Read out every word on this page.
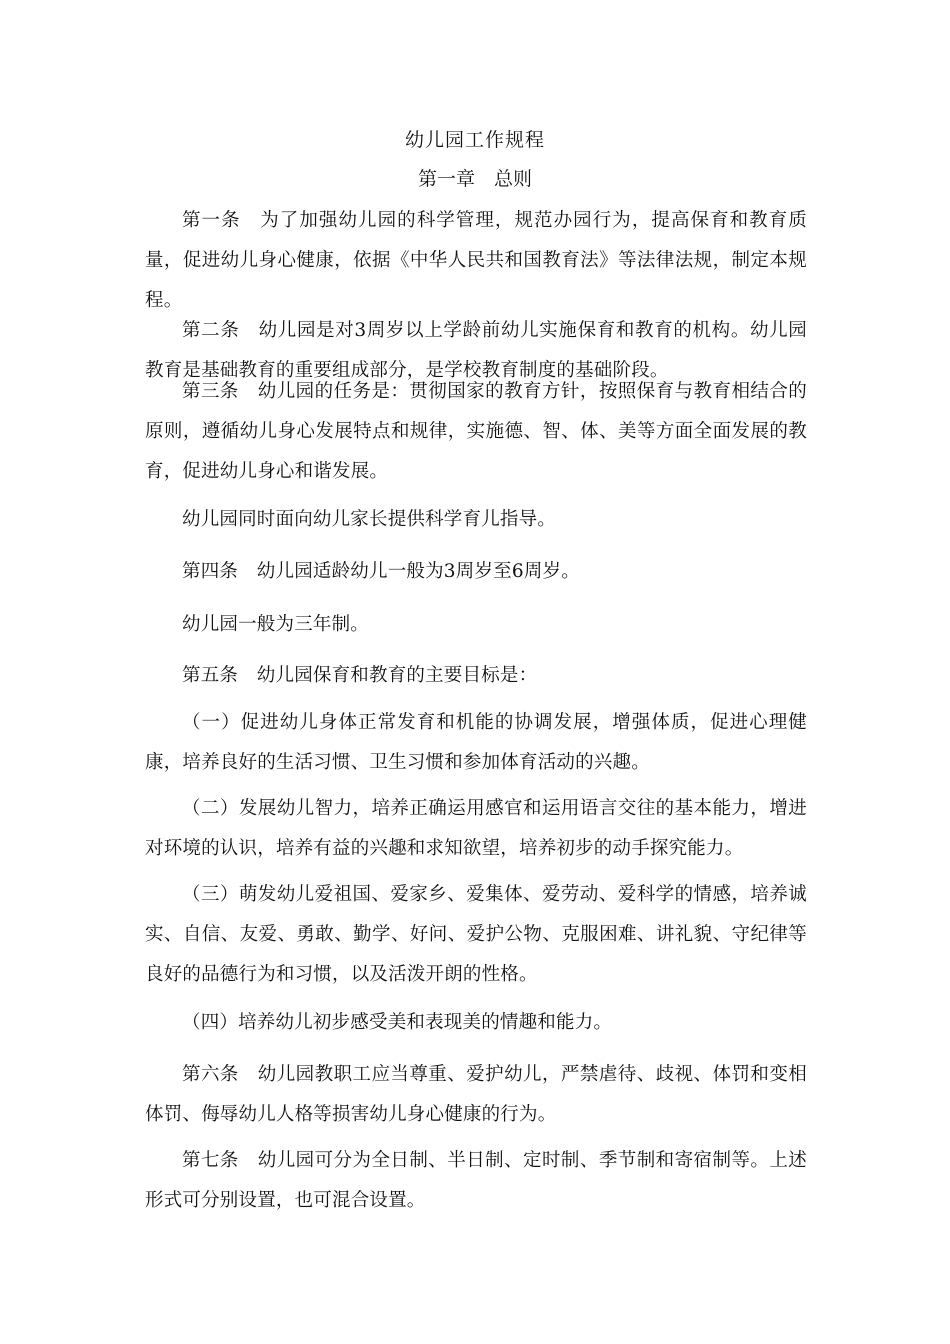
幼儿园工作规程
第一章　总则

第一条　为了加强幼儿园的科学管理，规范办园行为，提高保育和教育质量，促进幼儿身心健康，依据《中华人民共和国教育法》等法律法规，制定本规程。

第二条　幼儿园是对3周岁以上学龄前幼儿实施保育和教育的机构。幼儿园教育是基础教育的重要组成部分，是学校教育制度的基础阶段。

第三条　幼儿园的任务是：贯彻国家的教育方针，按照保育与教育相结合的原则，遵循幼儿身心发展特点和规律，实施德、智、体、美等方面全面发展的教育，促进幼儿身心和谐发展。

幼儿园同时面向幼儿家长提供科学育儿指导。

第四条　幼儿园适龄幼儿一般为3周岁至6周岁。

幼儿园一般为三年制。

第五条　幼儿园保育和教育的主要目标是：

（一）促进幼儿身体正常发育和机能的协调发展，增强体质，促进心理健康，培养良好的生活习惯、卫生习惯和参加体育活动的兴趣。

（二）发展幼儿智力，培养正确运用感官和运用语言交往的基本能力，增进对环境的认识，培养有益的兴趣和求知欲望，培养初步的动手探究能力。

（三）萌发幼儿爱祖国、爱家乡、爱集体、爱劳动、爱科学的情感，培养诚实、自信、友爱、勇敢、勤学、好问、爱护公物、克服困难、讲礼貌、守纪律等良好的品德行为和习惯，以及活泼开朗的性格。

（四）培养幼儿初步感受美和表现美的情趣和能力。

第六条　幼儿园教职工应当尊重、爱护幼儿，严禁虐待、歧视、体罚和变相体罚、侮辱幼儿人格等损害幼儿身心健康的行为。

第七条　幼儿园可分为全日制、半日制、定时制、季节制和寄宿制等。上述形式可分别设置，也可混合设置。
